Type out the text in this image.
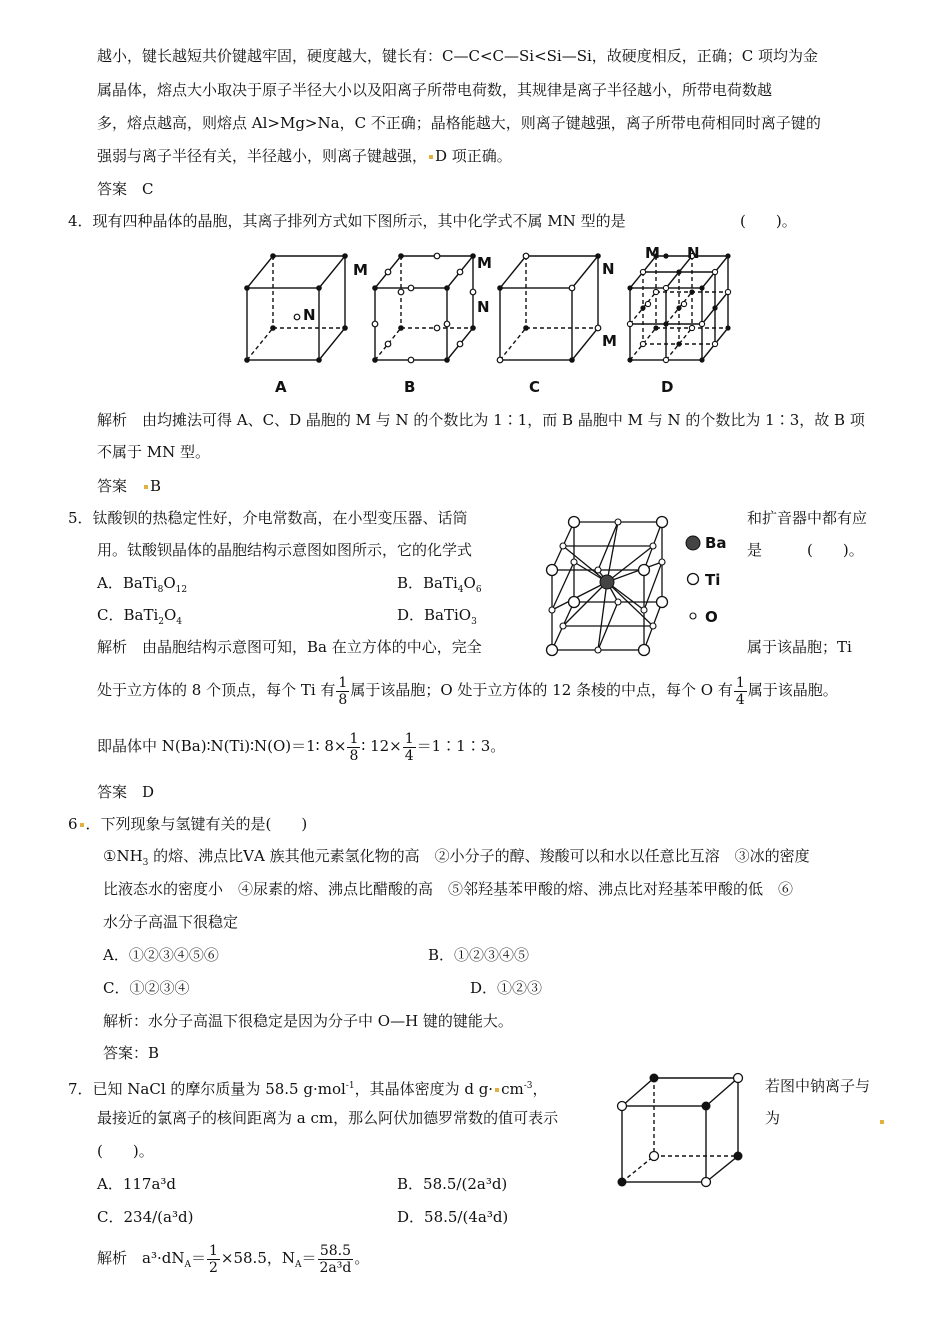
越小，键长越短共价键越牢固，硬度越大，键长有：C—C<C—Si<Si—Si，故硬度相反，正确；C 项均为金
属晶体，熔点大小取决于原子半径大小以及阳离子所带电荷数，其规律是离子半径越小，所带电荷数越
多，熔点越高，则熔点 Al>Mg>Na，C 不正确；晶格能越大，则离子键越强，离子所带电荷相同时离子键的
强弱与离子半径有关，半径越小，则离子键越强， D 项正确。
答案　C
4．现有四种晶体的晶胞，其离子排列方式如下图所示，其中化学式不属 MN 型的是	(　　)。
N
M	M
N
N
M
M N
A	B	C	D
解析　由均摊法可得 A、C、D 晶胞的 M 与 N 的个数比为 1∶1，而 B 晶胞中 M 与 N 的个数比为 1∶3，故 B 项
不属于 MN 型。
答案　 B
5．钛酸钡的热稳定性好，介电常数高，在小型变压器、话筒	和扩音器中都有应
用。钛酸钡晶体的晶胞结构示意图如图所示，它的化学式	是　　　(　　)。
A．$BaTi_8O_{12}$	B．$BaTi_4O_6$
C．$BaTi_2O_4$	D．BaTiO$_3$
Ba
Ti
O
解析　由晶胞结构示意图可知，Ba 在立方体的中心，完全	属于该晶胞；Ti
处于立方体的 8 个顶点，每个 Ti 有 $\frac{1}{8}$ 属于该晶胞；O 处于立方体的 12 条棱的中点，每个 O 有 $\frac{1}{4}$ 属于该晶胞。
即晶体中 N(Ba)∶N(Ti)∶N(O)＝1∶ $8\times \frac{1}{8}$ ∶ $12\times \frac{1}{4}$ ＝1∶1∶3。
答案　D
6 ．下列现象与氢键有关的是(　　)
$①NH_3$ 的熔、沸点比ⅤA 族其他元素氢化物的高　②小分子的醇、羧酸可以和水以任意比互溶　③冰的密度
比液态水的密度小　④尿素的熔、沸点比醋酸的高　⑤邻羟基苯甲酸的熔、沸点比对羟基苯甲酸的低　⑥
水分子高温下很稳定
A．①②③④⑤⑥	B．①②③④⑤
C．①②③④	D．①②③
解析：水分子高温下很稳定是因为分子中 O—H 键的键能大。
答案：B
7．已知 NaCl 的摩尔质量为 58.5 g·mol$^{-1}$，其晶体密度为 d $g\cdot cm^{-3}$，	若图中钠离子与
最接近的氯离子的核间距离为 a cm，那么阿伏加德罗常数的值可表示	为
(　　)。
A．117a³d	B．58.5/(2a³d)
C．234/(a³d)	D．58.5/(4a³d)
解析　$a^3\cdot dN_A= \frac{1}{2} \times 58.5$，$N_A= \frac{58.5}{\text{2a³d}}$ 。
